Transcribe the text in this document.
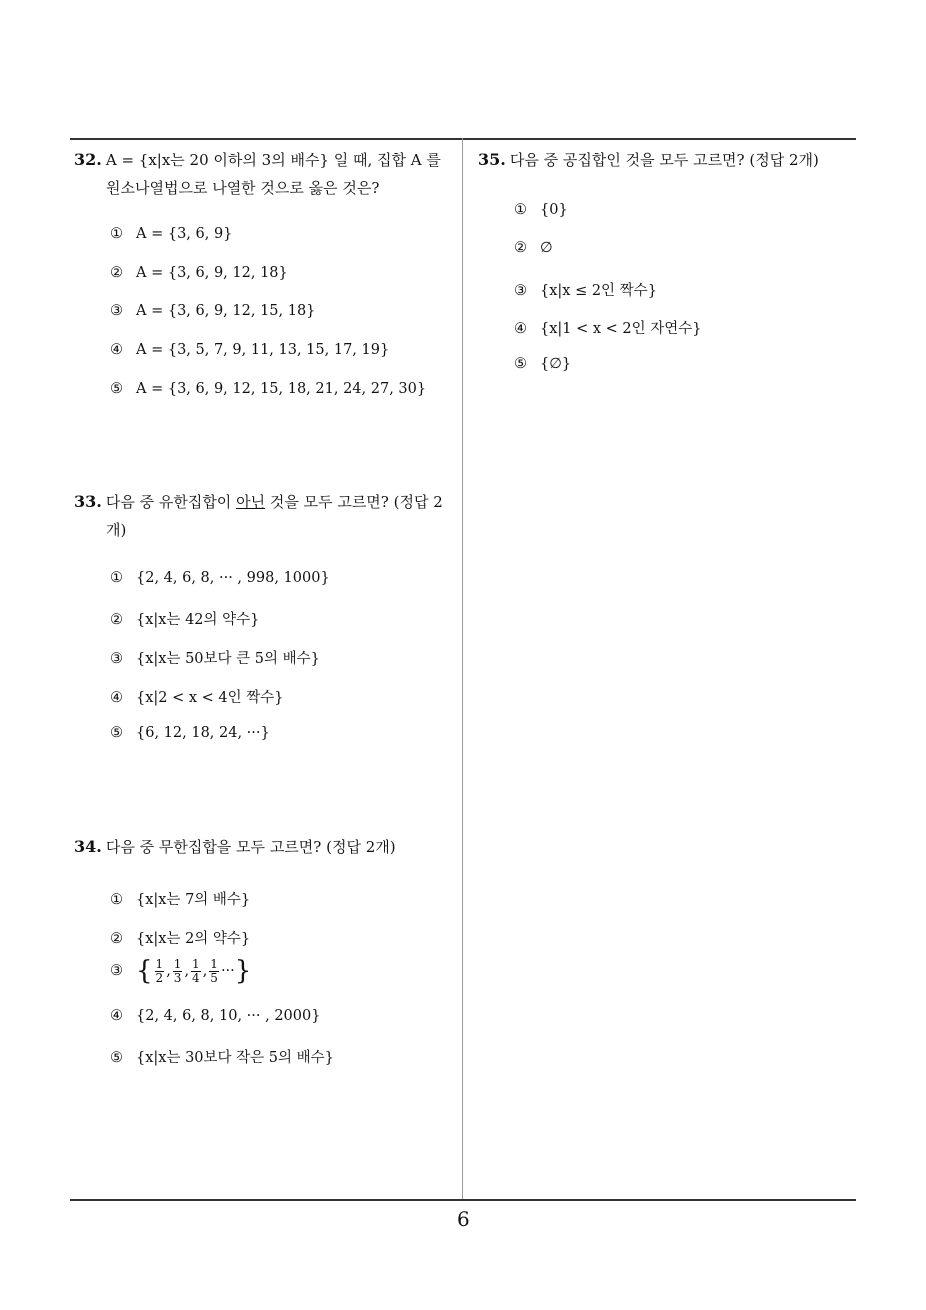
32. A = {x|x는 20 이하의 3의 배수} 일 때, 집합 A 를
원소나열법으로 나열한 것으로 옳은 것은?
① A = {3, 6, 9}
② A = {3, 6, 9, 12, 18}
③ A = {3, 6, 9, 12, 15, 18}
④ A = {3, 5, 7, 9, 11, 13, 15, 17, 19}
⑤ A = {3, 6, 9, 12, 15, 18, 21, 24, 27, 30}
33. 다음 중 유한집합이 아닌 것을 모두 고르면? (정답 2
개)
① {2, 4, 6, 8, ··· , 998, 1000}
② {x|x는 42의 약수}
③ {x|x는 50보다 큰 5의 배수}
④ {x|2 < x < 4인 짝수}
⑤ {6, 12, 18, 24, ···}
34. 다음 중 무한집합을 모두 고르면? (정답 2개)
① {x|x는 7의 배수}
② {x|x는 2의 약수}
③ { $\frac{1}{2}$ , $\frac{1}{3}$ , $\frac{1}{4}$ , $\frac{1}{5}$ ···}
④ {2, 4, 6, 8, 10, ··· , 2000}
⑤ {x|x는 30보다 작은 5의 배수}
35. 다음 중 공집합인 것을 모두 고르면? (정답 2개)
① {0}
② ∅
③ {x|x ≤ 2인 짝수}
④ {x|1 < x < 2인 자연수}
⑤ {∅}
6
